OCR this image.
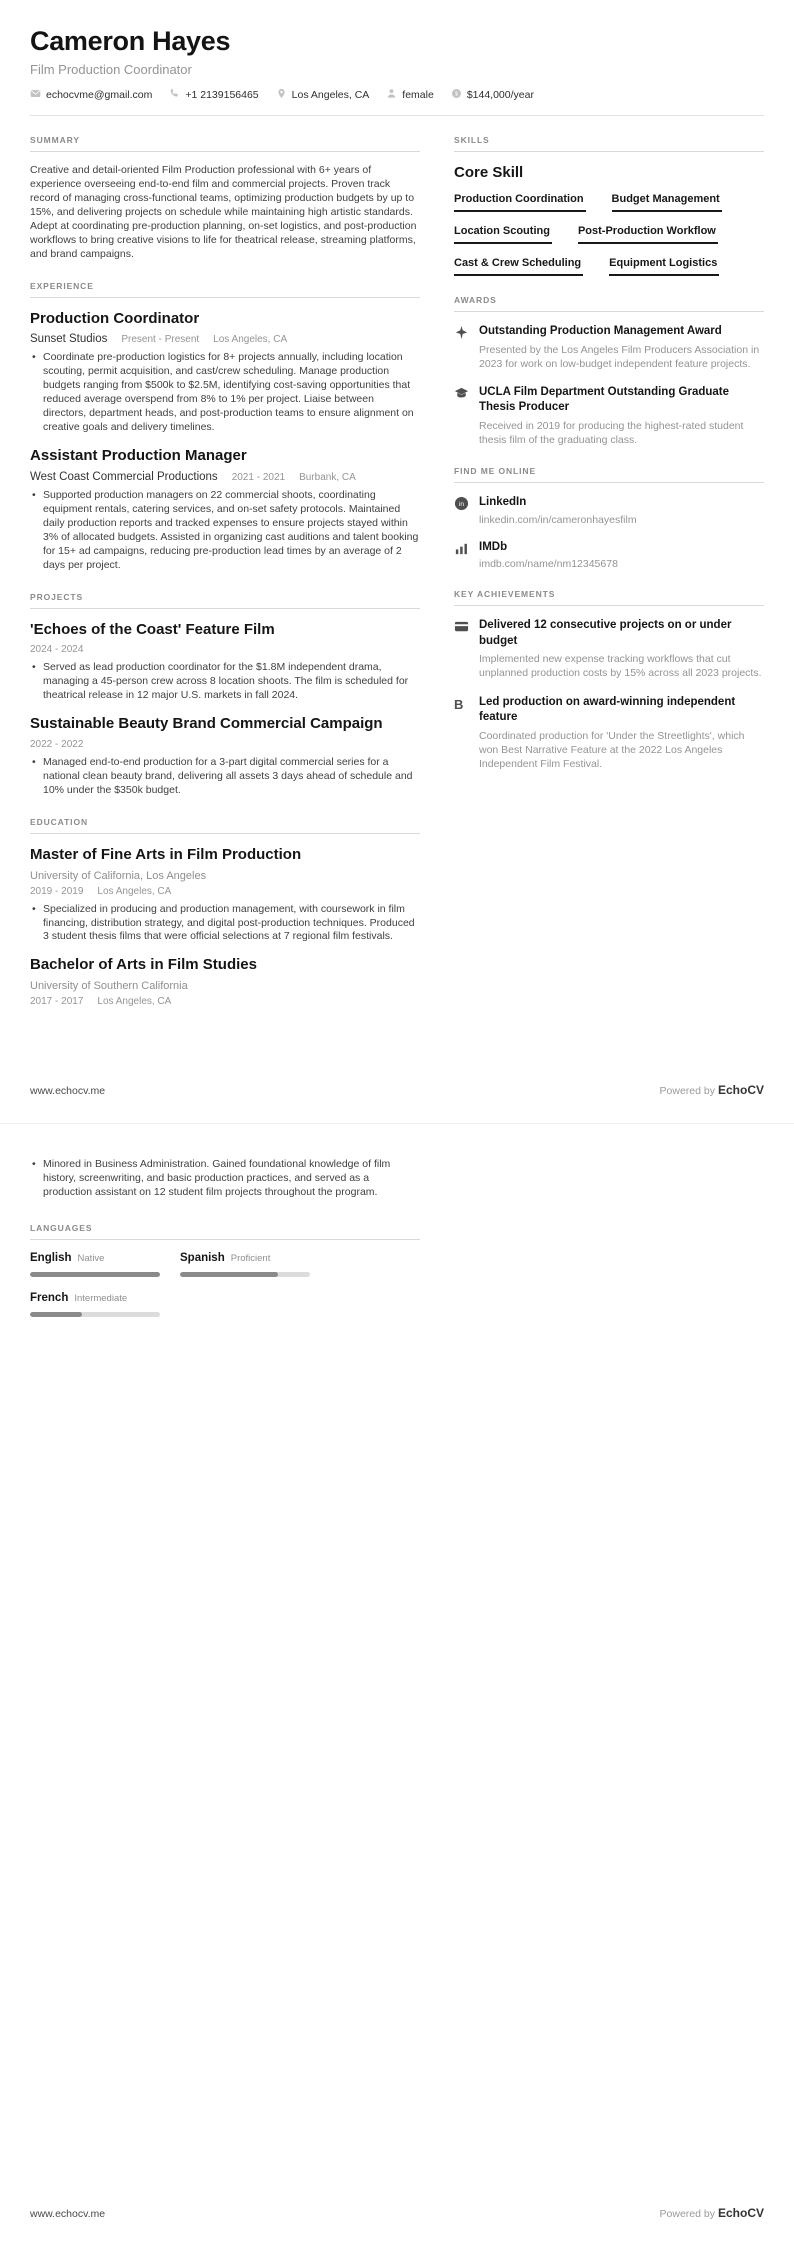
Cameron Hayes
Film Production Coordinator
echocvme@gmail.com	+1 2139156465	Los Angeles, CA	female	$ $144,000/year
SUMMARY
Creative and detail-oriented Film Production professional with 6+ years of experience overseeing end-to-end film and commercial projects. Proven track record of managing cross-functional teams, optimizing production budgets by up to 15%, and delivering projects on schedule while maintaining high artistic standards. Adept at coordinating pre-production planning, on-set logistics, and post-production workflows to bring creative visions to life for theatrical release, streaming platforms, and brand campaigns.
EXPERIENCE
Production Coordinator
Sunset Studios Present - Present Los Angeles, CA
• Coordinate pre-production logistics for 8+ projects annually, including location scouting, permit acquisition, and cast/crew scheduling. Manage production budgets ranging from $500k to $2.5M, identifying cost-saving opportunities that reduced average overspend from 8% to 1% per project. Liaise between directors, department heads, and post-production teams to ensure alignment on creative goals and delivery timelines.
Assistant Production Manager
West Coast Commercial Productions 2021 - 2021 Burbank, CA
• Supported production managers on 22 commercial shoots, coordinating equipment rentals, catering services, and on-set safety protocols. Maintained daily production reports and tracked expenses to ensure projects stayed within 3% of allocated budgets. Assisted in organizing cast auditions and talent booking for 15+ ad campaigns, reducing pre-production lead times by an average of 2 days per project.
PROJECTS
'Echoes of the Coast' Feature Film
2024 - 2024
• Served as lead production coordinator for the $1.8M independent drama, managing a 45-person crew across 8 location shoots. The film is scheduled for theatrical release in 12 major U.S. markets in fall 2024.
Sustainable Beauty Brand Commercial Campaign
2022 - 2022
• Managed end-to-end production for a 3-part digital commercial series for a national clean beauty brand, delivering all assets 3 days ahead of schedule and 10% under the $350k budget.
EDUCATION
Master of Fine Arts in Film Production
University of California, Los Angeles
2019 - 2019 Los Angeles, CA
• Specialized in producing and production management, with coursework in film financing, distribution strategy, and digital post-production techniques. Produced 3 student thesis films that were official selections at 7 regional film festivals.
Bachelor of Arts in Film Studies
University of Southern California
2017 - 2017 Los Angeles, CA
SKILLS
Core Skill
Production Coordination	Budget Management
Location Scouting	Post-Production Workflow
Cast & Crew Scheduling	Equipment Logistics
AWARDS
Outstanding Production Management Award
Presented by the Los Angeles Film Producers Association in 2023 for work on low-budget independent feature projects.
UCLA Film Department Outstanding Graduate Thesis Producer
Received in 2019 for producing the highest-rated student thesis film of the graduating class.
FIND ME ONLINE
in LinkedIn
linkedin.com/in/cameronhayesfilm
IMDb
imdb.com/name/nm12345678
KEY ACHIEVEMENTS
Delivered 12 consecutive projects on or under budget
Implemented new expense tracking workflows that cut unplanned production costs by 15% across all 2023 projects.
B	Led production on award-winning independent feature
Coordinated production for 'Under the Streetlights', which won Best Narrative Feature at the 2022 Los Angeles Independent Film Festival.
www.echocv.me	Powered by EchoCV
• Minored in Business Administration. Gained foundational knowledge of film history, screenwriting, and basic production practices, and served as a production assistant on 12 student film projects throughout the program.
LANGUAGES
English Native	Spanish Proficient
French Intermediate
www.echocv.me	Powered by EchoCV
